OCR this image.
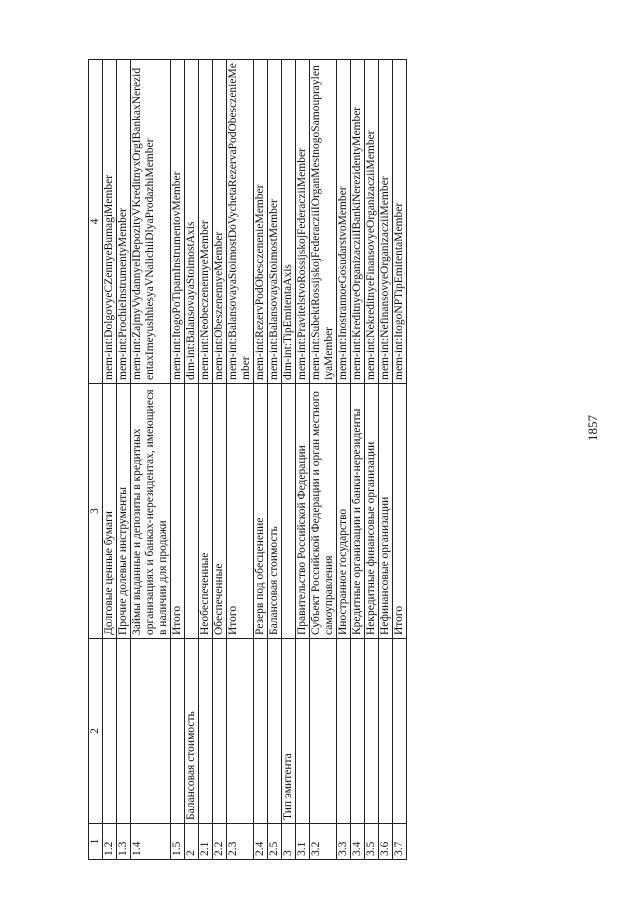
1857
1	2	3	4
1.2		Долговые ценные бумаги	mem-int:DolgovyeCZennyeBumagiMember
1.3		Прочие долевые инструменты	mem-int:ProchieInstrumentyMember
1.4		Займы выданные и депозиты в кредитных организациях и банках-нерезидентах, имеющиеся в наличии для продажи	mem-int:ZajmyVydannyeIDepozityVKreditnyxOrgIBankaxNerezidentaxImeyushhiesyaVNalichiiDlyaProdazhiMember
1.5		Итого	mem-int:ItogoPoTipamInstrumentovMember
2	Балансовая стоимость		dim-int:BalansovayaStoimostAxis
2.1		Необеспеченные	mem-int:NeobeczenennyeMember
2.2		Обеспеченные	mem-int:ObeszenennyeMember
2.3		Итого	mem-int:BalansovayaStoimostDoVychetaRezervaPodObesczenieMember
2.4		Резерв под обесценение	mem-int:RezervPodObesczenenieMember
2.5		Балансовая стоимость	mem-int:BalansovayaStoimostMember
3	Тип эмитента		dim-int:TipEmitentaAxis
3.1		Правительство Российской Федерации	mem-int:PravitelstvoRossijskojFederacziiMember
3.2		Субъект Российской Федерации и орган местного самоуправления	mem-int:SubektRossijskojFederacziiIOrganMestnogoSamouprayleniyaMember
3.3		Иностранное государство	mem-int:InostrannoeGosudarstvoMember
3.4		Кредитные организации и банки-нерезиденты	mem-int:KreditnyeOrganizacziiIBankiNerezidentyMember
3.5		Некредитные финансовые организации	mem-int:NekreditnyeFinansovyeOrganizacziiMember
3.6		Нефинансовые организации	mem-int:NefinansovyeOrganizacziiMember
3.7		Итого	mem-int:ItogoNPTipEmitentaMember
